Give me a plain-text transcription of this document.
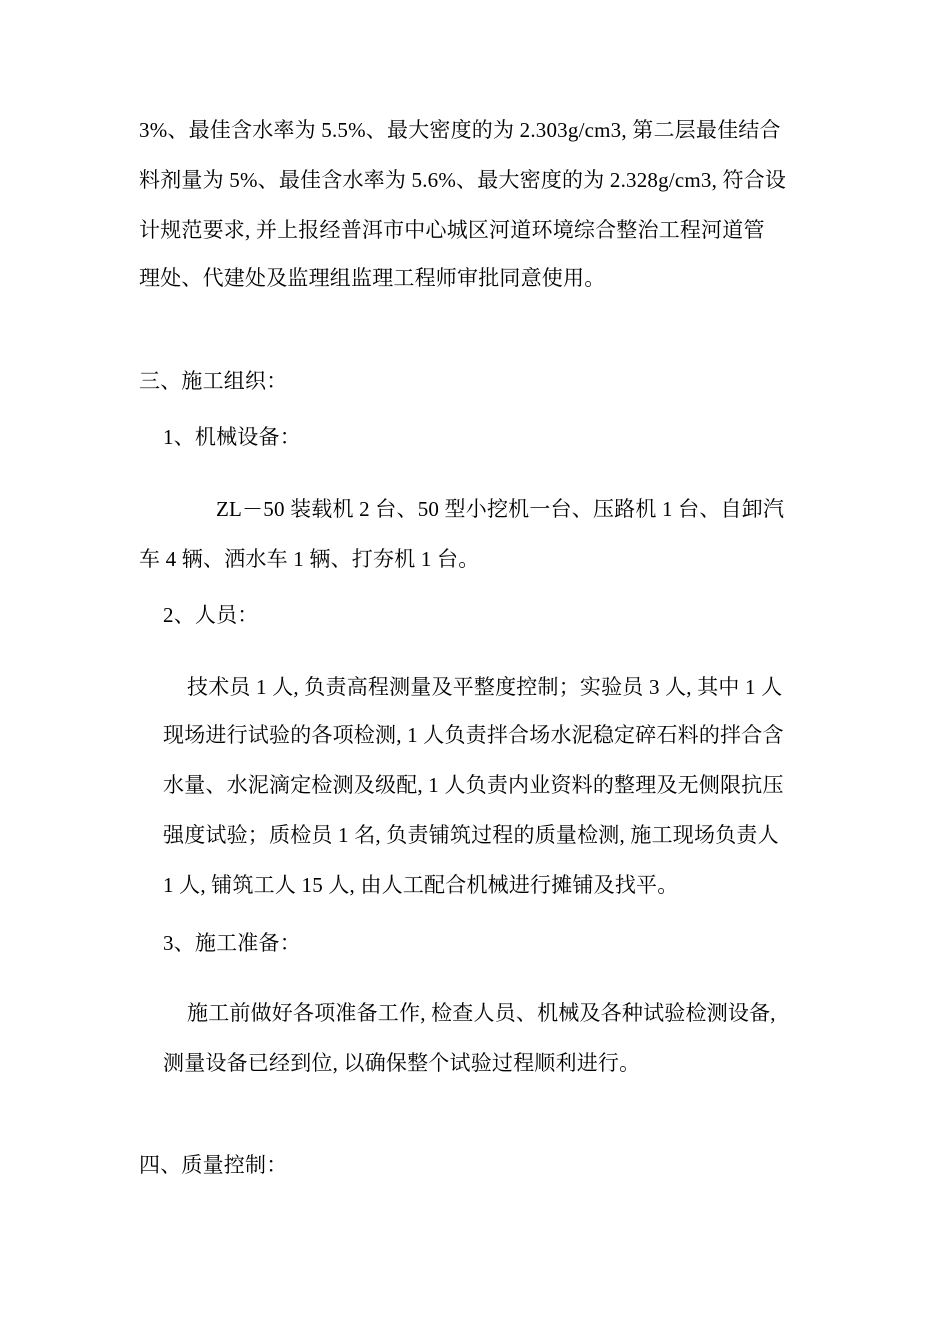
3%、最佳含水率为 5.5%、最大密度的为 2.303g/cm3, 第二层最佳结合
料剂量为 5%、最佳含水率为 5.6%、最大密度的为 2.328g/cm3, 符合设
计规范要求, 并上报经普洱市中心城区河道环境综合整治工程河道管
理处、代建处及监理组监理工程师审批同意使用。
三、施工组织：
1、机械设备：
ZL－50 装载机 2 台、50 型小挖机一台、压路机 1 台、自卸汽
车 4 辆、洒水车 1 辆、打夯机 1 台。
2、人员：
技术员 1 人, 负责高程测量及平整度控制；实验员 3 人, 其中 1 人
现场进行试验的各项检测, 1 人负责拌合场水泥稳定碎石料的拌合含
水量、水泥滴定检测及级配, 1 人负责内业资料的整理及无侧限抗压
强度试验；质检员 1 名, 负责铺筑过程的质量检测, 施工现场负责人
1 人, 铺筑工人 15 人, 由人工配合机械进行摊铺及找平。
3、施工准备：
施工前做好各项准备工作, 检查人员、机械及各种试验检测设备,
测量设备已经到位, 以确保整个试验过程顺利进行。
四、质量控制：
